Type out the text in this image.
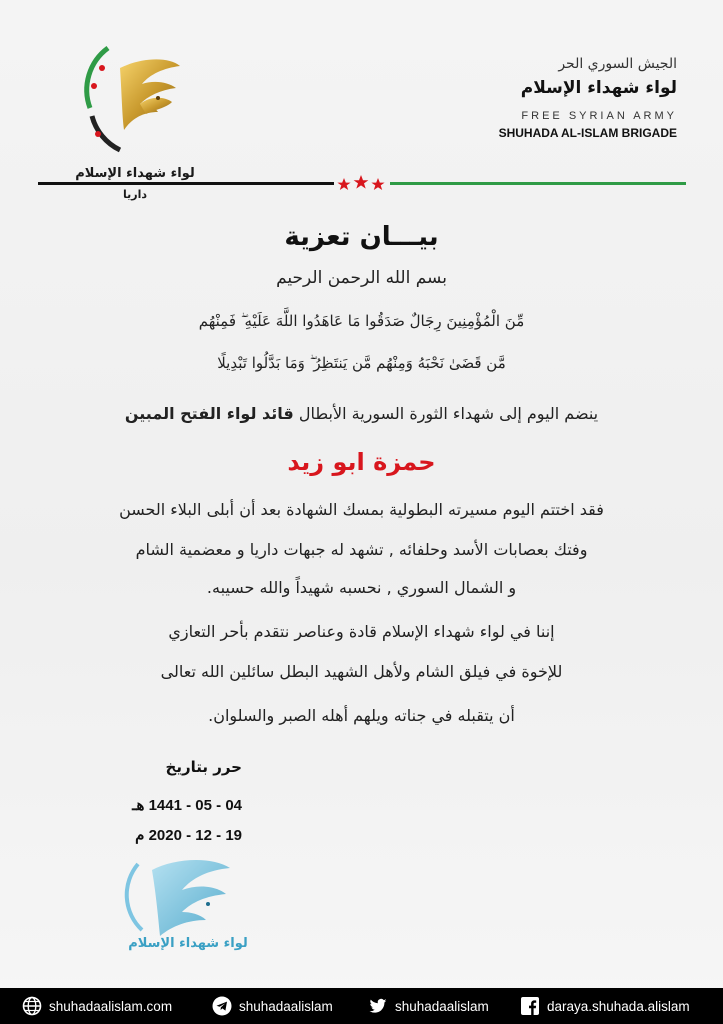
لواء شهداء الإسلام
داريا
الجيش السوري الحر
لواء شهداء الإسلام
FREE SYRIAN ARMY
SHUHADA AL-ISLAM BRIGADE
بيـــان تعزية
بسم الله الرحمن الرحيم
مِّنَ الْمُؤْمِنِينَ رِجَالٌ صَدَقُوا مَا عَاهَدُوا اللَّهَ عَلَيْهِ ۖ فَمِنْهُم
مَّن قَضَىٰ نَحْبَهُ وَمِنْهُم مَّن يَنتَظِرُ ۖ وَمَا بَدَّلُوا تَبْدِيلًا
ينضم اليوم إلى شهداء الثورة السورية الأبطال قائد لواء الفتح المبين
حمزة ابو زيد
فقد اختتم اليوم مسيرته البطولية بمسك الشهادة بعد أن أبلى البلاء الحسن
وفتك بعصابات الأسد وحلفائه , تشهد له جبهات داريا و معضمية الشام
و الشمال السوري , نحسبه شهيداً والله حسيبه.
إننا في لواء شهداء الإسلام قادة وعناصر نتقدم بأحر التعازي
للإخوة في فيلق الشام ولأهل الشهيد البطل سائلين الله تعالى
أن يتقبله في جناته ويلهم أهله الصبر والسلوان.
حرر بتاريخ
04 - 05 - 1441 هـ
19 - 12 - 2020 م
لواء شهداء الإسلام
shuhadaalislam.com	shuhadaalislam	shuhadaalislam	daraya.shuhada.alislam
